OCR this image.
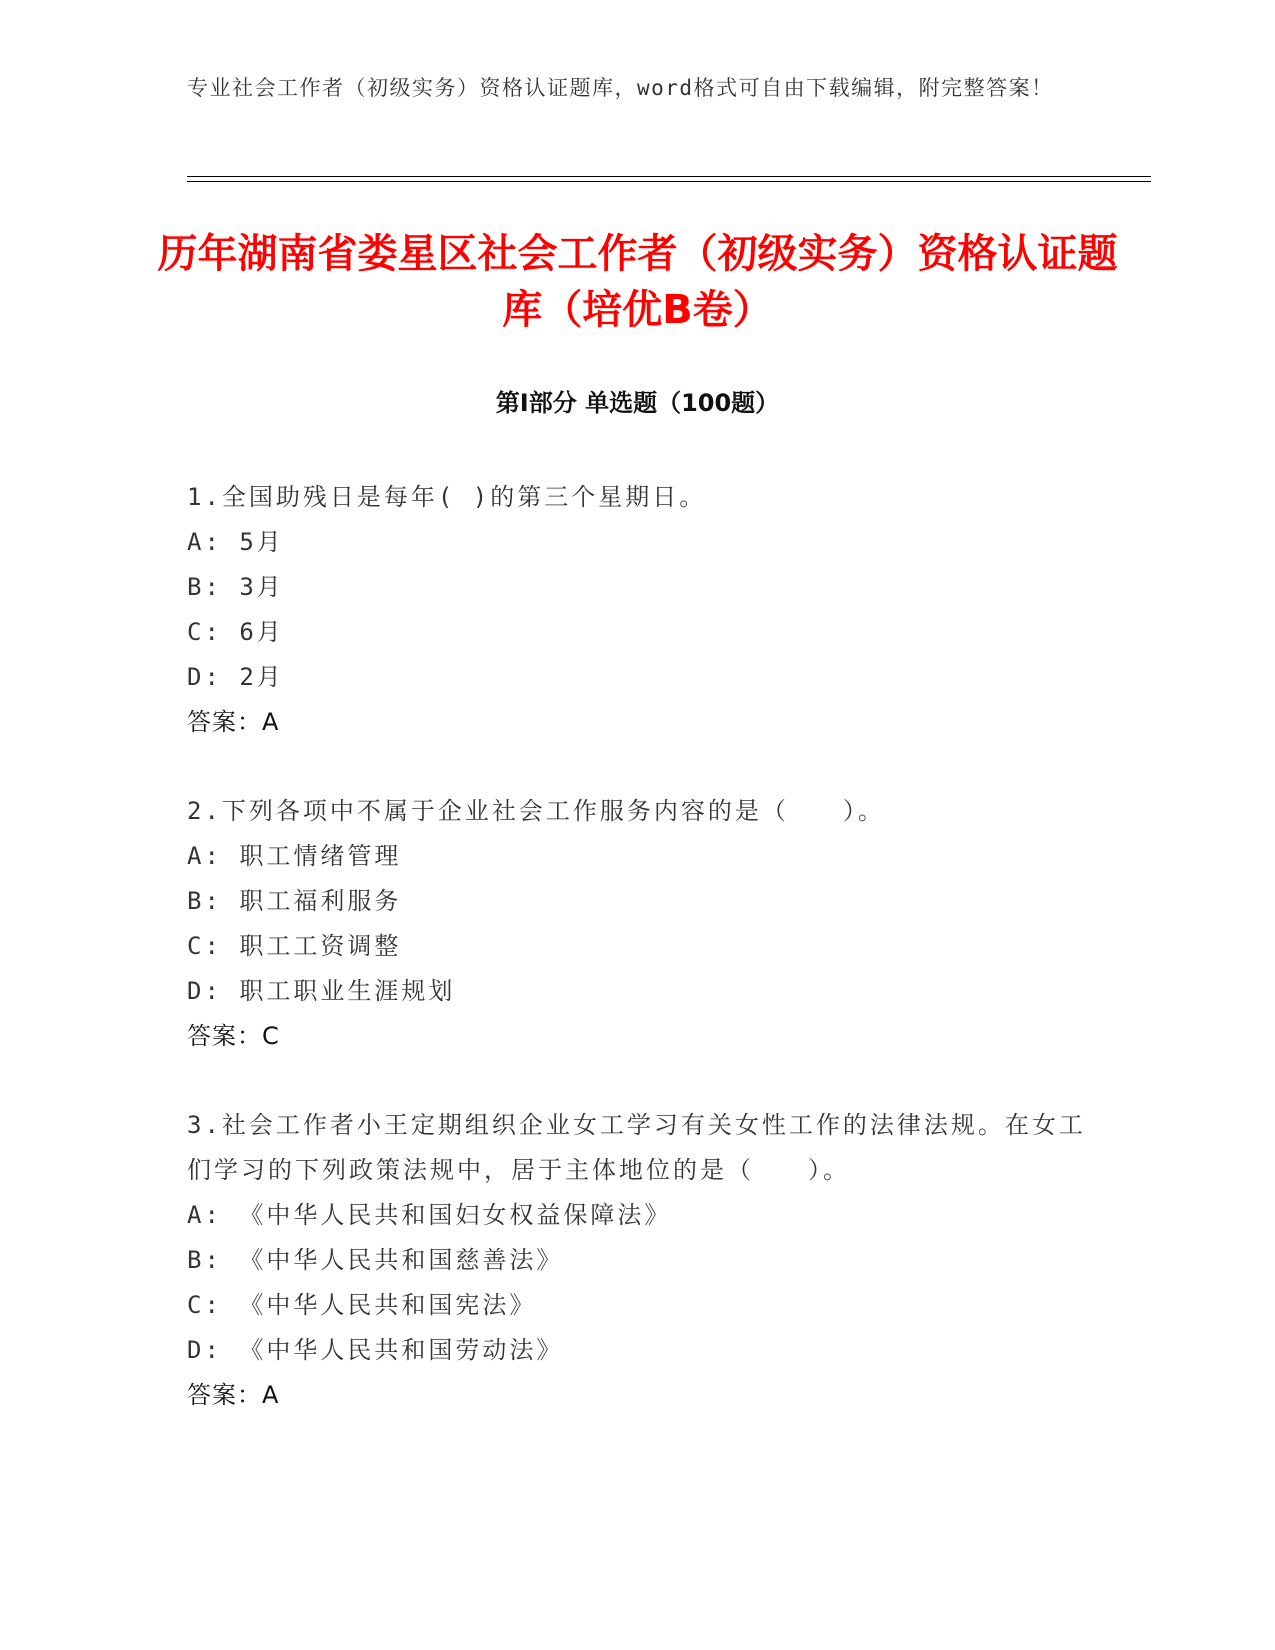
专业社会工作者（初级实务）资格认证题库，word格式可自由下载编辑，附完整答案！
历年湖南省娄星区社会工作者（初级实务）资格认证题库（培优B卷）
第I部分 单选题（100题）
1.全国助残日是每年( )的第三个星期日。
A: 5月
B: 3月
C: 6月
D: 2月
答案：A
2.下列各项中不属于企业社会工作服务内容的是（　　）。
A: 职工情绪管理
B: 职工福利服务
C: 职工工资调整
D: 职工职业生涯规划
答案：C
3.社会工作者小王定期组织企业女工学习有关女性工作的法律法规。在女工们学习的下列政策法规中，居于主体地位的是（　　）。
A: 《中华人民共和国妇女权益保障法》
B: 《中华人民共和国慈善法》
C: 《中华人民共和国宪法》
D: 《中华人民共和国劳动法》
答案：A
